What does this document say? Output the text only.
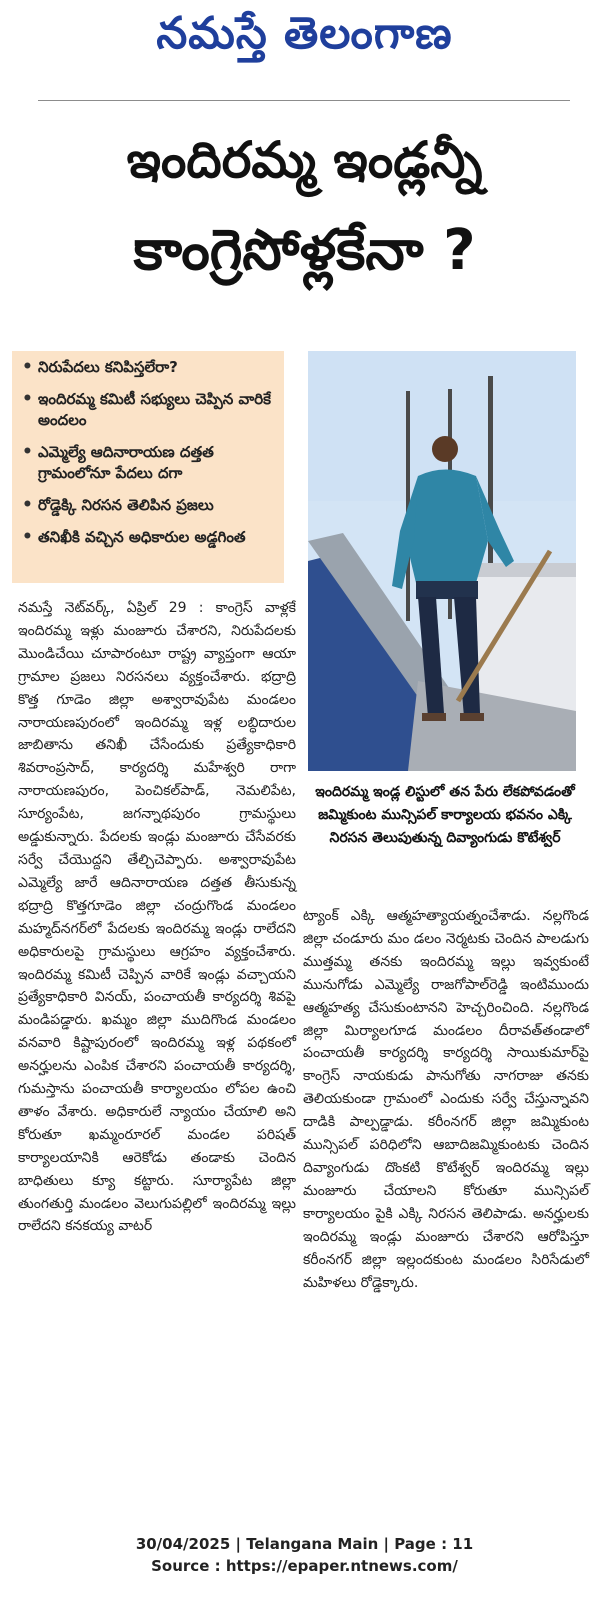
నమస్తే తెలంగాణ
ఇందిరమ్మ ఇండ్లన్నీ
కాంగ్రెసోళ్లకేనా ?
• నిరుపేదలు కనిపిస్తలేరా?
• ఇందిరమ్మ కమిటీ సభ్యులు చెప్పిన వారికే అందలం
• ఎమ్మెల్యే ఆదినారాయణ దత్తత గ్రామంలోనూ పేదలు దగా
• రోడ్డెక్కి నిరసన తెలిపిన ప్రజలు
• తనిఖీకి వచ్చిన అధికారుల అడ్డగింత
ఇందిరమ్మ ఇండ్ల లిస్టులో తన పేరు లేకపోవడంతో జమ్మికుంట మున్సిపల్ కార్యాలయ భవనం ఎక్కి నిరసన తెలుపుతున్న దివ్యాంగుడు కొటేశ్వర్
నమస్తే నెట్‌వర్క్, ఏప్రిల్ 29 : కాంగ్రెస్ వాళ్లకే ఇందిరమ్మ ఇళ్లు మంజూరు చేశారని, నిరుపేదలకు మొండిచేయి చూపారంటూ రాష్ట్ర వ్యాప్తంగా ఆయా గ్రామాల ప్రజలు నిరసనలు వ్యక్తంచేశారు. భద్రాద్రి కొత్త గూడెం జిల్లా అశ్వారావుపేట మండలం నారాయణపురంలో ఇందిరమ్మ ఇళ్ల లబ్ధిదారుల జాబితాను తనిఖీ చేసేందుకు ప్రత్యేకాధికారి శివరాంప్రసాద్, కార్యదర్శి మహేశ్వరి రాగా నారాయణపురం, పెంచికల్‌పాడ్, నెమలిపేట, సూర్యంపేట, జగన్నాథపురం గ్రామస్థులు అడ్డుకున్నారు. పేదలకు ఇండ్లు మంజూరు చేసేవరకు సర్వే చేయొద్దని తేల్చిచెప్పారు. అశ్వారావుపేట ఎమ్మెల్యే జారే ఆదినారాయణ దత్తత తీసుకున్న భద్రాద్రి కొత్తగూడెం జిల్లా చంద్రుగొండ మండలం మహ్మద్‌నగర్‌లో పేదలకు ఇందిరమ్మ ఇండ్లు రాలేదని అధికారులపై గ్రామస్థులు ఆగ్రహం వ్యక్తంచేశారు. ఇందిరమ్మ కమిటీ చెప్పిన వారికే ఇండ్లు వచ్చాయని ప్రత్యేకాధికారి వినయ్, పంచాయతీ కార్యదర్శి శివపై మండిపడ్డారు. ఖమ్మం జిల్లా ముదిగొండ మండలం వనవారి కిష్టాపురంలో ఇందిరమ్మ ఇళ్ల పథకంలో అనర్హులను ఎంపిక చేశారని పంచాయతీ కార్యదర్శి, గుమస్తాను పంచాయతీ కార్యాలయం లోపల ఉంచి తాళం వేశారు. అధికారులే న్యాయం చేయాలి అని కోరుతూ ఖమ్మంరూరల్ మండల పరిషత్ కార్యాలయానికి ఆరెకోడు తండాకు చెందిన బాధితులు క్యూ కట్టారు. సూర్యాపేట జిల్లా తుంగతుర్తి మండలం వెలుగుపల్లిలో ఇందిరమ్మ ఇల్లు రాలేదని కనకయ్య వాటర్
ట్యాంక్ ఎక్కి ఆత్మహత్యాయత్నంచేశాడు. నల్లగొండ జిల్లా చండూరు మం డలం నెర్మటకు చెందిన పాలడుగు ముత్తమ్మ తనకు ఇందిరమ్మ ఇల్లు ఇవ్వకుంటే మునుగోడు ఎమ్మెల్యే రాజగోపాల్‌రెడ్డి ఇంటిముందు ఆత్మహత్య చేసుకుంటానని హెచ్చరించింది. నల్లగొండ జిల్లా మిర్యాలగూడ మండలం దీరావత్‌తండాలో పంచాయతీ కార్యదర్శి కార్యదర్శి సాయికుమార్‌పై కాంగ్రెస్ నాయకుడు పానుగోతు నాగరాజు తనకు తెలియకుండా గ్రామంలో ఎందుకు సర్వే చేస్తున్నావని దాడికి పాల్పడ్డాడు. కరీంనగర్ జిల్లా జమ్మికుంట మున్సిపల్ పరిధిలోని ఆబాదిజమ్మికుంటకు చెందిన దివ్యాంగుడు దొంకటి కొటేశ్వర్ ఇందిరమ్మ ఇల్లు మంజూరు చేయాలని కోరుతూ మున్సిపల్ కార్యాలయం పైకి ఎక్కి నిరసన తెలిపాడు. అనర్హులకు ఇందిరమ్మ ఇండ్లు మంజూరు చేశారని ఆరోపిస్తూ కరీంనగర్ జిల్లా ఇల్లందకుంట మండలం సిరిసేడులో మహిళలు రోడ్డెక్కారు.
30/04/2025 | Telangana Main | Page : 11
Source : https://epaper.ntnews.com/
